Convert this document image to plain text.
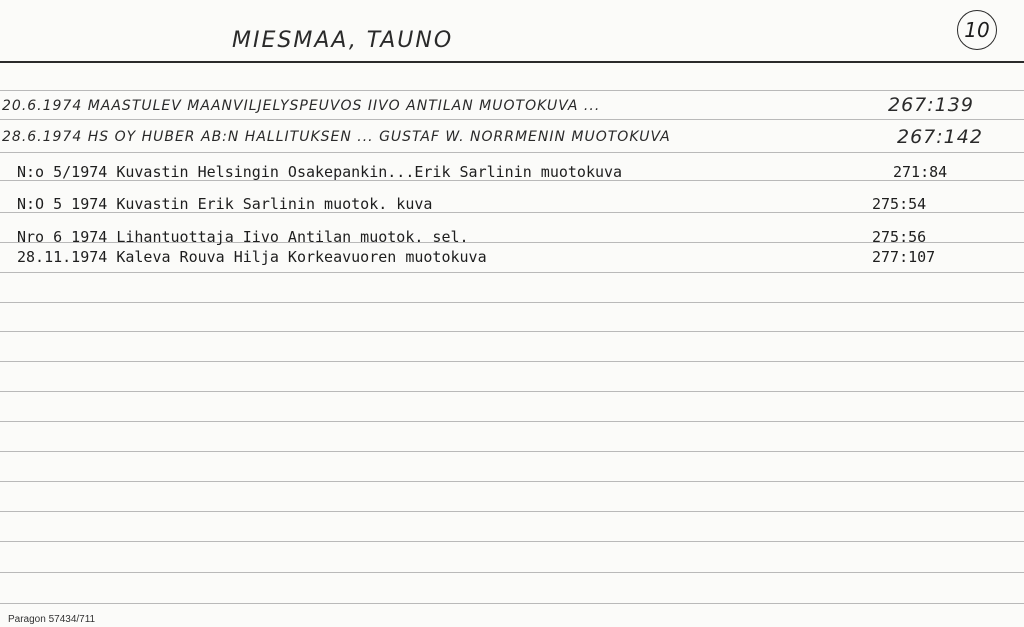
MIESMAA, TAUNO	10
20.6.1974 MAASTULEV MAANVILJELYSPEUVOS IIVO ANTILAN MUOTOKUVA ...	267:139
28.6.1974 HS OY HUBER AB:N HALLITUKSEN ... GUSTAF W. NORRMENIN MUOTOKUVA	267:142
N:o 5/1974 Kuvastin Helsingin Osakepankin...Erik Sarlinin muotokuva	271:84
N:O 5 1974 Kuvastin Erik Sarlinin muotok. kuva	275:54
Nro 6 1974 Lihantuottaja Iivo Antilan muotok. sel.	275:56
28.11.1974 Kaleva Rouva Hilja Korkeavuoren muotokuva	277:107
Paragon 57434/711
